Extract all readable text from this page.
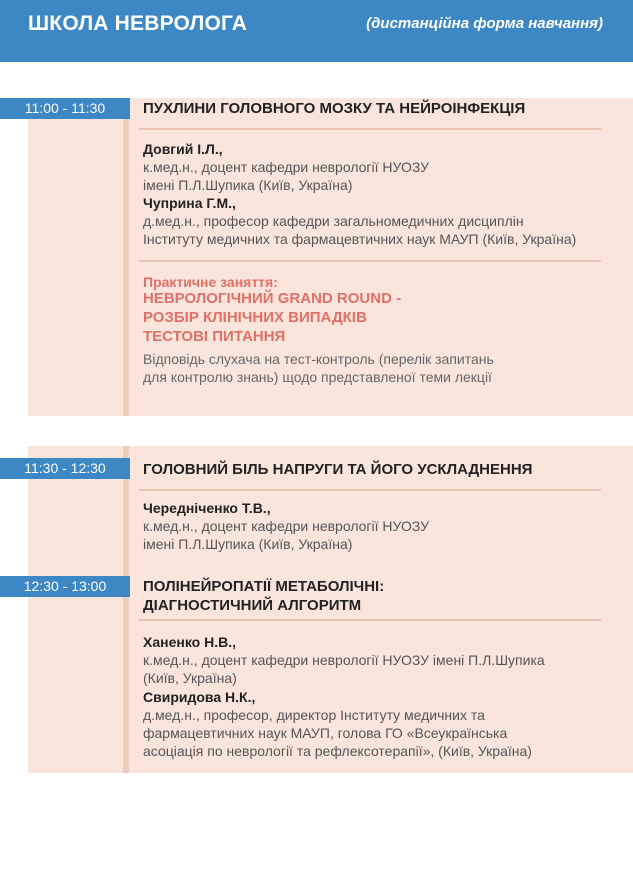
ШКОЛА НЕВРОЛОГА	(дистанційна форма навчання)
11:00 - 11:30	ПУХЛИНИ ГОЛОВНОГО МОЗКУ ТА НЕЙРОІНФЕКЦІЯ
Довгий І.Л.,
к.мед.н., доцент кафедри неврології НУОЗУ
імені П.Л.Шупика (Київ, Україна)
Чуприна Г.М.,
д.мед.н., професор кафедри загальномедичних дисциплін
Інституту медичних та фармацевтичних наук МАУП (Київ, Україна)
Практичне заняття:
НЕВРОЛОГІЧНИЙ GRAND ROUND -
РОЗБІР КЛІНІЧНИХ ВИПАДКІВ
ТЕСТОВІ ПИТАННЯ
Відповідь слухача на тест-контроль (перелік запитань
для контролю знань) щодо представленої теми лекції
11:30 - 12:30	ГОЛОВНИЙ БІЛЬ НАПРУГИ ТА ЙОГО УСКЛАДНЕННЯ
Чередніченко Т.В.,
к.мед.н., доцент кафедри неврології НУОЗУ
імені П.Л.Шупика (Київ, Україна)
12:30 - 13:00	ПОЛІНЕЙРОПАТІЇ МЕТАБОЛІЧНІ:
ДІАГНОСТИЧНИЙ АЛГОРИТМ
Ханенко Н.В.,
к.мед.н., доцент кафедри неврології НУОЗУ імені П.Л.Шупика
(Київ, Україна)
Свиридова Н.К.,
д.мед.н., професор, директор Інституту медичних та
фармацевтичних наук МАУП, голова ГО «Всеукраїнська
асоціація по неврології та рефлексотерапії», (Київ, Україна)
